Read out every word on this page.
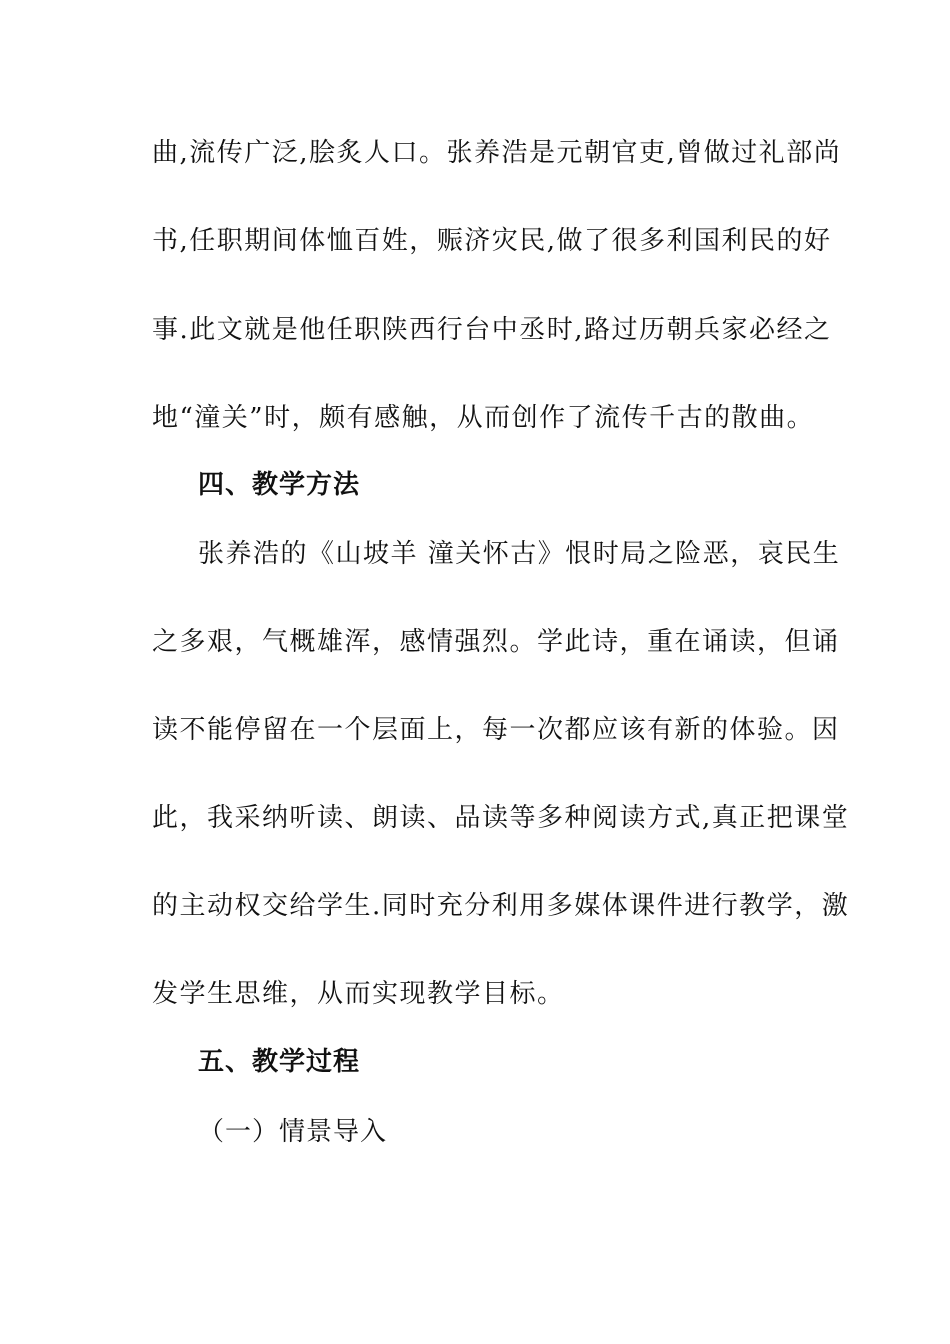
曲,流传广泛,脍炙人口。张养浩是元朝官吏,曾做过礼部尚
书,任职期间体恤百姓，赈济灾民,做了很多利国利民的好
事.此文就是他任职陕西行台中丞时,路过历朝兵家必经之
地“潼关”时，颇有感触，从而创作了流传千古的散曲。
四、教学方法
张养浩的《山坡羊 潼关怀古》恨时局之险恶，哀民生
之多艰，气概雄浑，感情强烈。学此诗，重在诵读，但诵
读不能停留在一个层面上，每一次都应该有新的体验。因
此，我采纳听读、朗读、品读等多种阅读方式,真正把课堂
的主动权交给学生.同时充分利用多媒体课件进行教学，激
发学生思维，从而实现教学目标。
五、教学过程
（一）情景导入
